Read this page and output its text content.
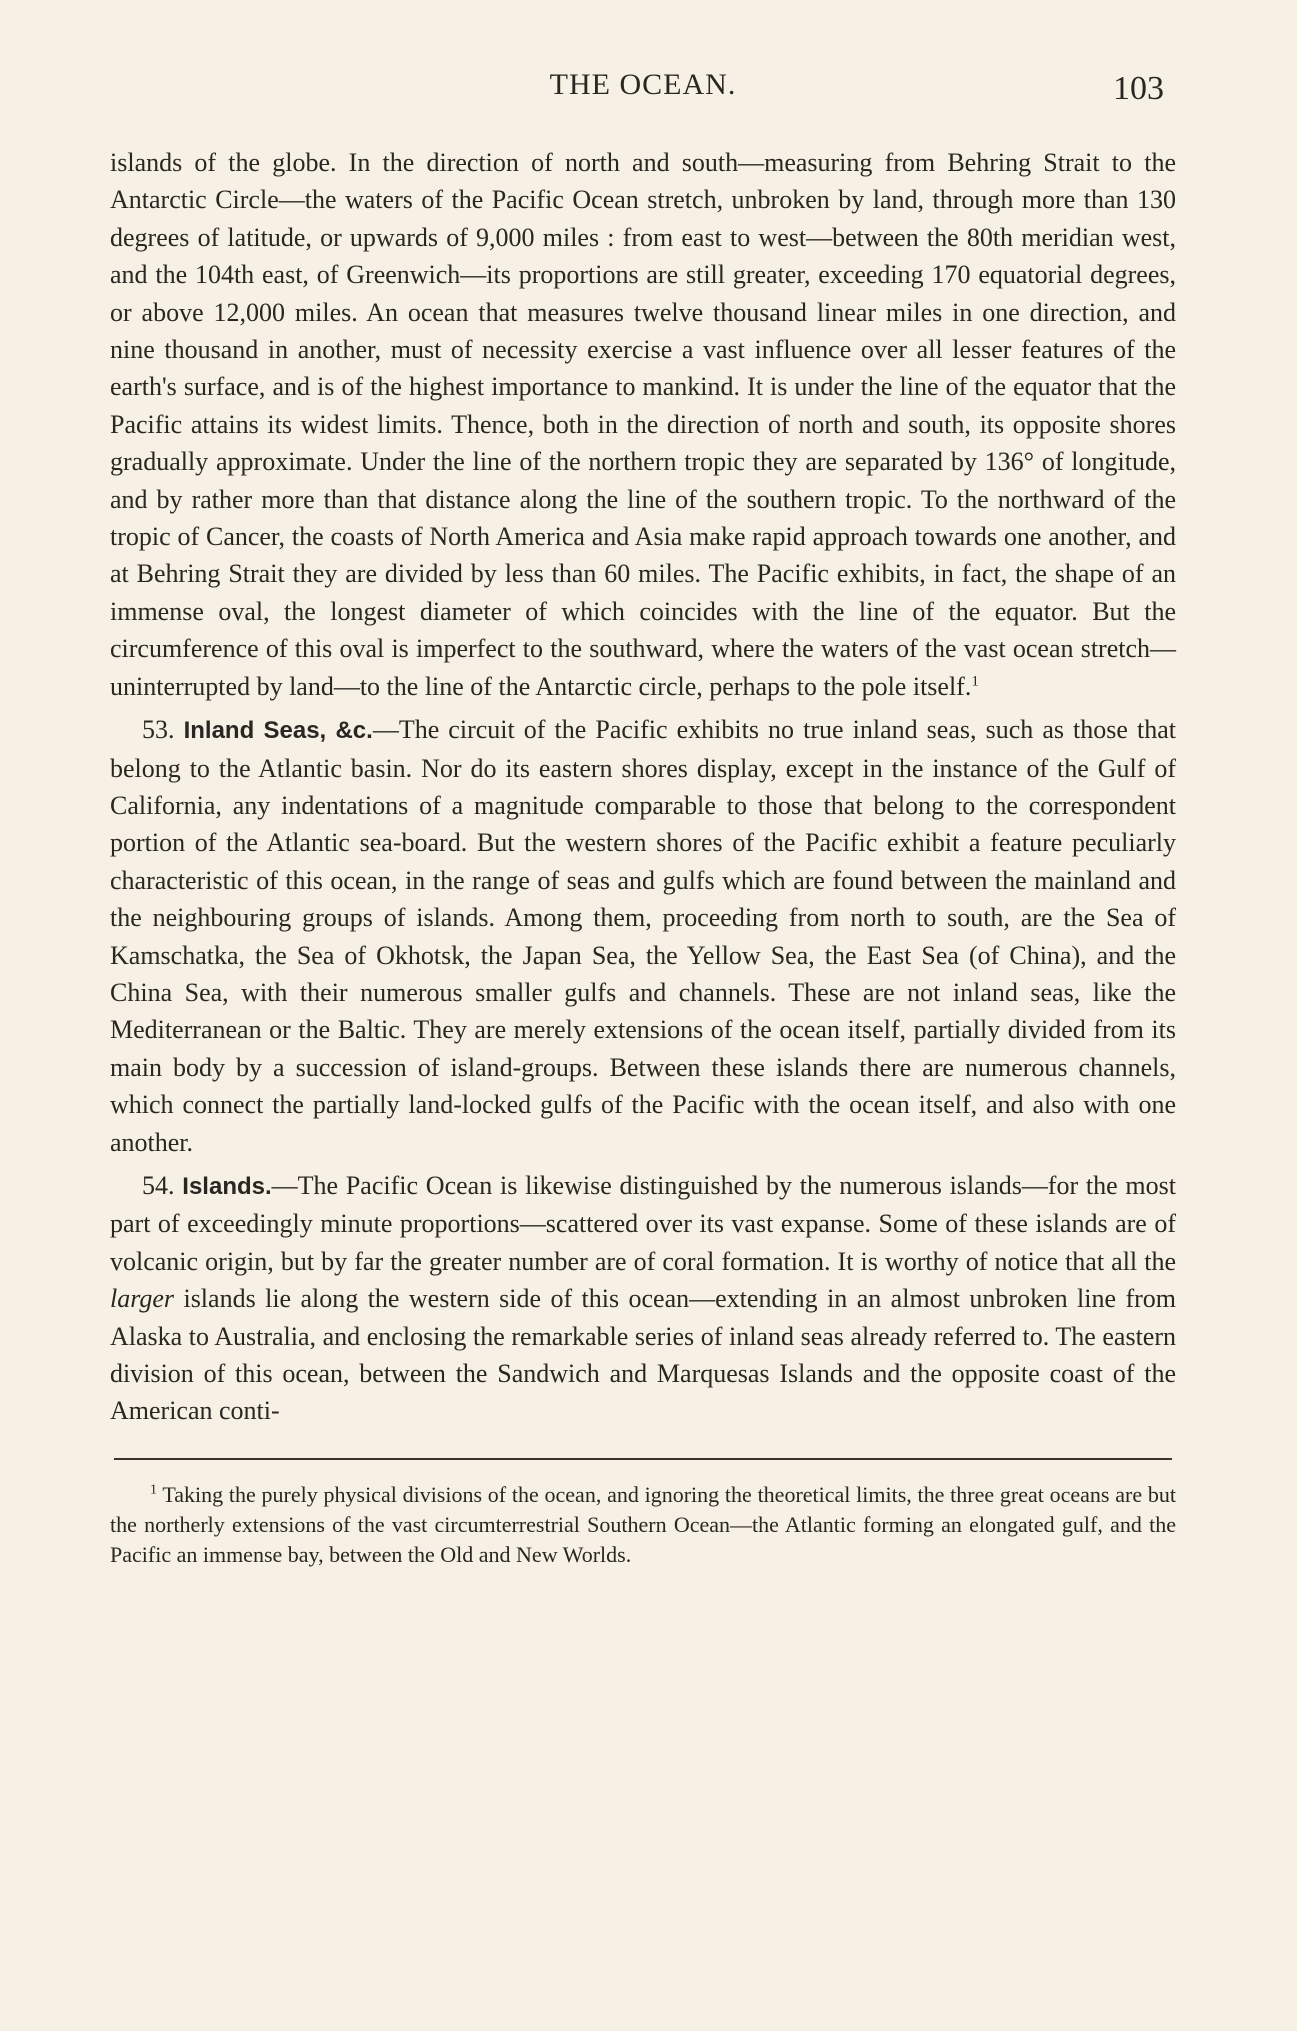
THE OCEAN.	103

islands of the globe. In the direction of north and south—measuring from Behring Strait to the Antarctic Circle—the waters of the Pacific Ocean stretch, unbroken by land, through more than 130 degrees of latitude, or upwards of 9,000 miles : from east to west—between the 80th meridian west, and the 104th east, of Greenwich—its proportions are still greater, exceeding 170 equatorial degrees, or above 12,000 miles. An ocean that measures twelve thousand linear miles in one direction, and nine thousand in another, must of necessity exercise a vast influence over all lesser features of the earth's surface, and is of the highest importance to mankind. It is under the line of the equator that the Pacific attains its widest limits. Thence, both in the direction of north and south, its opposite shores gradually approximate. Under the line of the northern tropic they are separated by 136° of longitude, and by rather more than that distance along the line of the southern tropic. To the northward of the tropic of Cancer, the coasts of North America and Asia make rapid approach towards one another, and at Behring Strait they are divided by less than 60 miles. The Pacific exhibits, in fact, the shape of an immense oval, the longest diameter of which coincides with the line of the equator. But the circumference of this oval is imperfect to the southward, where the waters of the vast ocean stretch—uninterrupted by land—to the line of the Antarctic circle, perhaps to the pole itself.$^1$

53. Inland Seas, &c.—The circuit of the Pacific exhibits no true inland seas, such as those that belong to the Atlantic basin. Nor do its eastern shores display, except in the instance of the Gulf of California, any indentations of a magnitude comparable to those that belong to the correspondent portion of the Atlantic sea-board. But the western shores of the Pacific exhibit a feature peculiarly characteristic of this ocean, in the range of seas and gulfs which are found between the mainland and the neighbouring groups of islands. Among them, proceeding from north to south, are the Sea of Kamschatka, the Sea of Okhotsk, the Japan Sea, the Yellow Sea, the East Sea (of China), and the China Sea, with their numerous smaller gulfs and channels. These are not inland seas, like the Mediterranean or the Baltic. They are merely extensions of the ocean itself, partially divided from its main body by a succession of island-groups. Between these islands there are numerous channels, which connect the partially land-locked gulfs of the Pacific with the ocean itself, and also with one another.

54. Islands.—The Pacific Ocean is likewise distinguished by the numerous islands—for the most part of exceedingly minute proportions—scattered over its vast expanse. Some of these islands are of volcanic origin, but by far the greater number are of coral formation. It is worthy of notice that all the larger islands lie along the western side of this ocean—extending in an almost unbroken line from Alaska to Australia, and enclosing the remarkable series of inland seas already referred to. The eastern division of this ocean, between the Sandwich and Marquesas Islands and the opposite coast of the American conti-

$^1$ Taking the purely physical divisions of the ocean, and ignoring the theoretical limits, the three great oceans are but the northerly extensions of the vast circumterrestrial Southern Ocean—the Atlantic forming an elongated gulf, and the Pacific an immense bay, between the Old and New Worlds.
